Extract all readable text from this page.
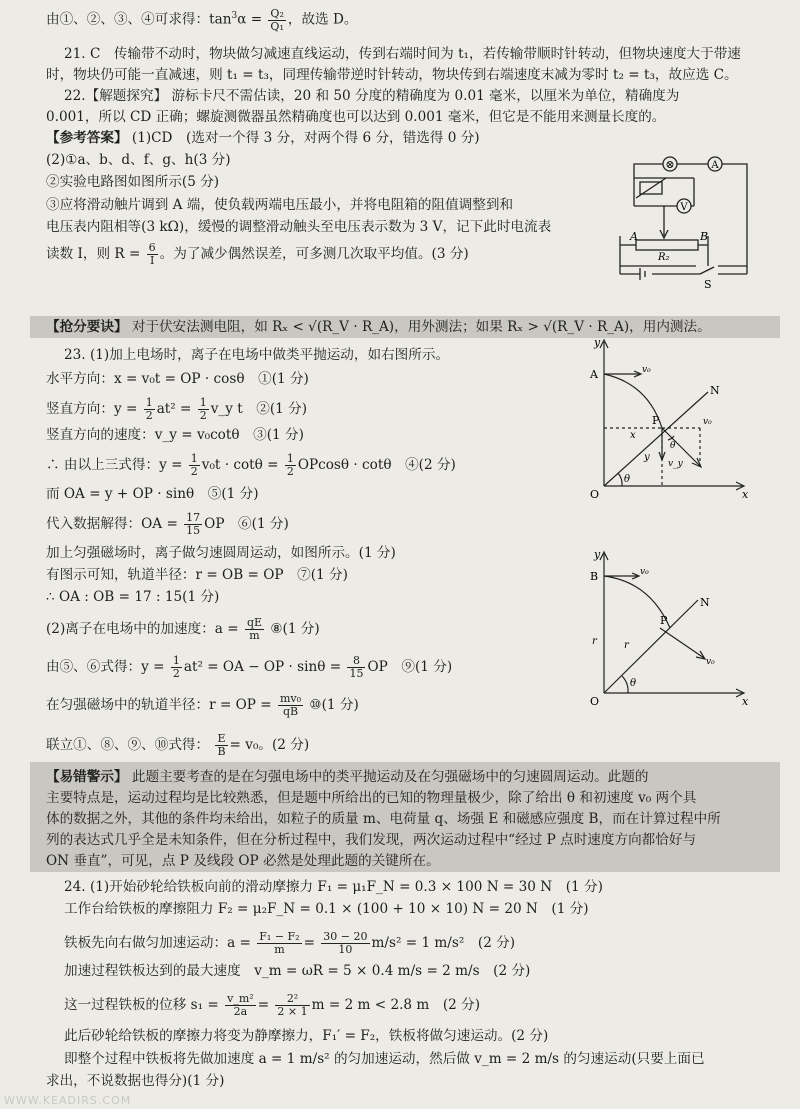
由①、②、③、④可求得：$\tan^3\alpha = \frac{\text{Q₂}}{\text{Q₁}}$ ，故选 D。
21. C　传输带不动时，物块做匀减速直线运动，传到右端时间为 t₁，若传输带顺时针转动，但物块速度大于带速
时，物块仍可能一直减速，则 t₁ = t₃，同理传输带逆时针转动，物块传到右端速度末减为零时 t₂ = t₃，故应选 C。
22.【解题探究】 游标卡尺不需估读，20 和 50 分度的精确度为 0.01 毫米，以厘米为单位，精确度为
0.001，所以 CD 正确；螺旋测微器虽然精确度也可以达到 0.001 毫米，但它是不能用来测量长度的。
【参考答案】 (1)CD　(选对一个得 3 分，对两个得 6 分，错选得 0 分)
(2)①a、b、d、f、g、h(3 分)
②实验电路图如图所示(5 分)
③应将滑动触片调到 A 端，使负载两端电压最小，并将电阻箱的阻值调整到和
电压表内阻相等(3 kΩ)，缓慢的调整滑动触头至电压表示数为 3 V，记下此时电流表
读数 I，则 $R = \frac{6}{I}$ 。为了减少偶然误差，可多测几次取平均值。(3 分)
⊗	A
V
A
R₂
B
S
【抢分要诀】 对于伏安法测电阻，如 Rₓ < √(R_V · R_A)，用外测法；如果 Rₓ > √(R_V · R_A)，用内测法。
23. (1)加上电场时，离子在电场中做类平抛运动，如右图所示。
水平方向：x = v₀t = OP · cosθ　①(1 分)
竖直方向：$y = \frac{1}{2} at^2 = \frac{1}{2}$ v_y t　②(1 分)
竖直方向的速度：v_y = v₀cotθ　③(1 分)
∴ 由以上三式得：$y = \frac{1}{2} v_0t \cdot \cot\theta = \frac{1}{2}$ OPcosθ · cotθ　④(2 分)
而 OA = y + OP · sinθ　⑤(1 分)
代入数据解得：OA = $\frac{17}{15}$ OP　⑥(1 分)
加上匀强磁场时，离子做匀速圆周运动，如图所示。(1 分)
有图示可知，轨道半径：r = OB = OP　⑦(1 分)
∴ OA : OB = 17 : 15(1 分)
(2)离子在电场中的加速度：$a = \frac{qE}{m}$ ⑧(1 分)
由⑤、⑥式得：$y = \frac{1}{2} at^2$ = OA − OP · $\sin\theta = \frac{8}{15}$ OP　⑨(1 分)
在匀强磁场中的轨道半径：r = OP = $\frac{\text{mv₀}}{qB}$ ⑩(1 分)
联立①、⑧、⑨、⑩式得： $\frac{E}{B} = v_0$。(2 分)
y
x
O
A	v₀
P
N
x
y
θ
θ
v_y
v₀
y
x
O
B	v₀
P
N
r	r
θ
v₀
【易错警示】 此题主要考查的是在匀强电场中的类平抛运动及在匀强磁场中的匀速圆周运动。此题的
主要特点是，运动过程均是比较熟悉，但是题中所给出的已知的物理量极少，除了给出 θ 和初速度 v₀ 两个具
体的数据之外，其他的条件均未给出，如粒子的质量 m、电荷量 q、场强 E 和磁感应强度 B，而在计算过程中所
列的表达式几乎全是未知条件，但在分析过程中，我们发现，两次运动过程中“经过 P 点时速度方向都恰好与
ON 垂直”，可见，点 P 及线段 OP 必然是处理此题的关键所在。
24. (1)开始砂轮给铁板向前的滑动摩擦力 F₁ = μ₁F_N = 0.3 × 100 N = 30 N　(1 分)
工作台给铁板的摩擦阻力 F₂ = μ₂F_N = 0.1 × (100 + 10 × 10) N = 20 N　(1 分)
铁板先向右做匀加速运动：$a = \frac{\text{F₁ − F₂}}{m} = \frac{30 - 20}{10} m/s^2 = 1$ m/s²　(2 分)
加速过程铁板达到的最大速度　v_m = ωR = 5 × 0.4 m/s = 2 m/s　(2 分)
这一过程铁板的位移 $s_1 = \frac{\text{v\_m²}}{2a} = \frac{\text{2²}}{2 \times 1}$ m = 2 m < 2.8 m　(2 分)
此后砂轮给铁板的摩擦力将变为静摩擦力，F₁′ = F₂，铁板将做匀速运动。(2 分)
即整个过程中铁板将先做加速度 a = 1 m/s² 的匀加速运动，然后做 v_m = 2 m/s 的匀速运动(只要上面已
求出，不说数据也得分)(1 分)
WWW.KEADIRS.COM
